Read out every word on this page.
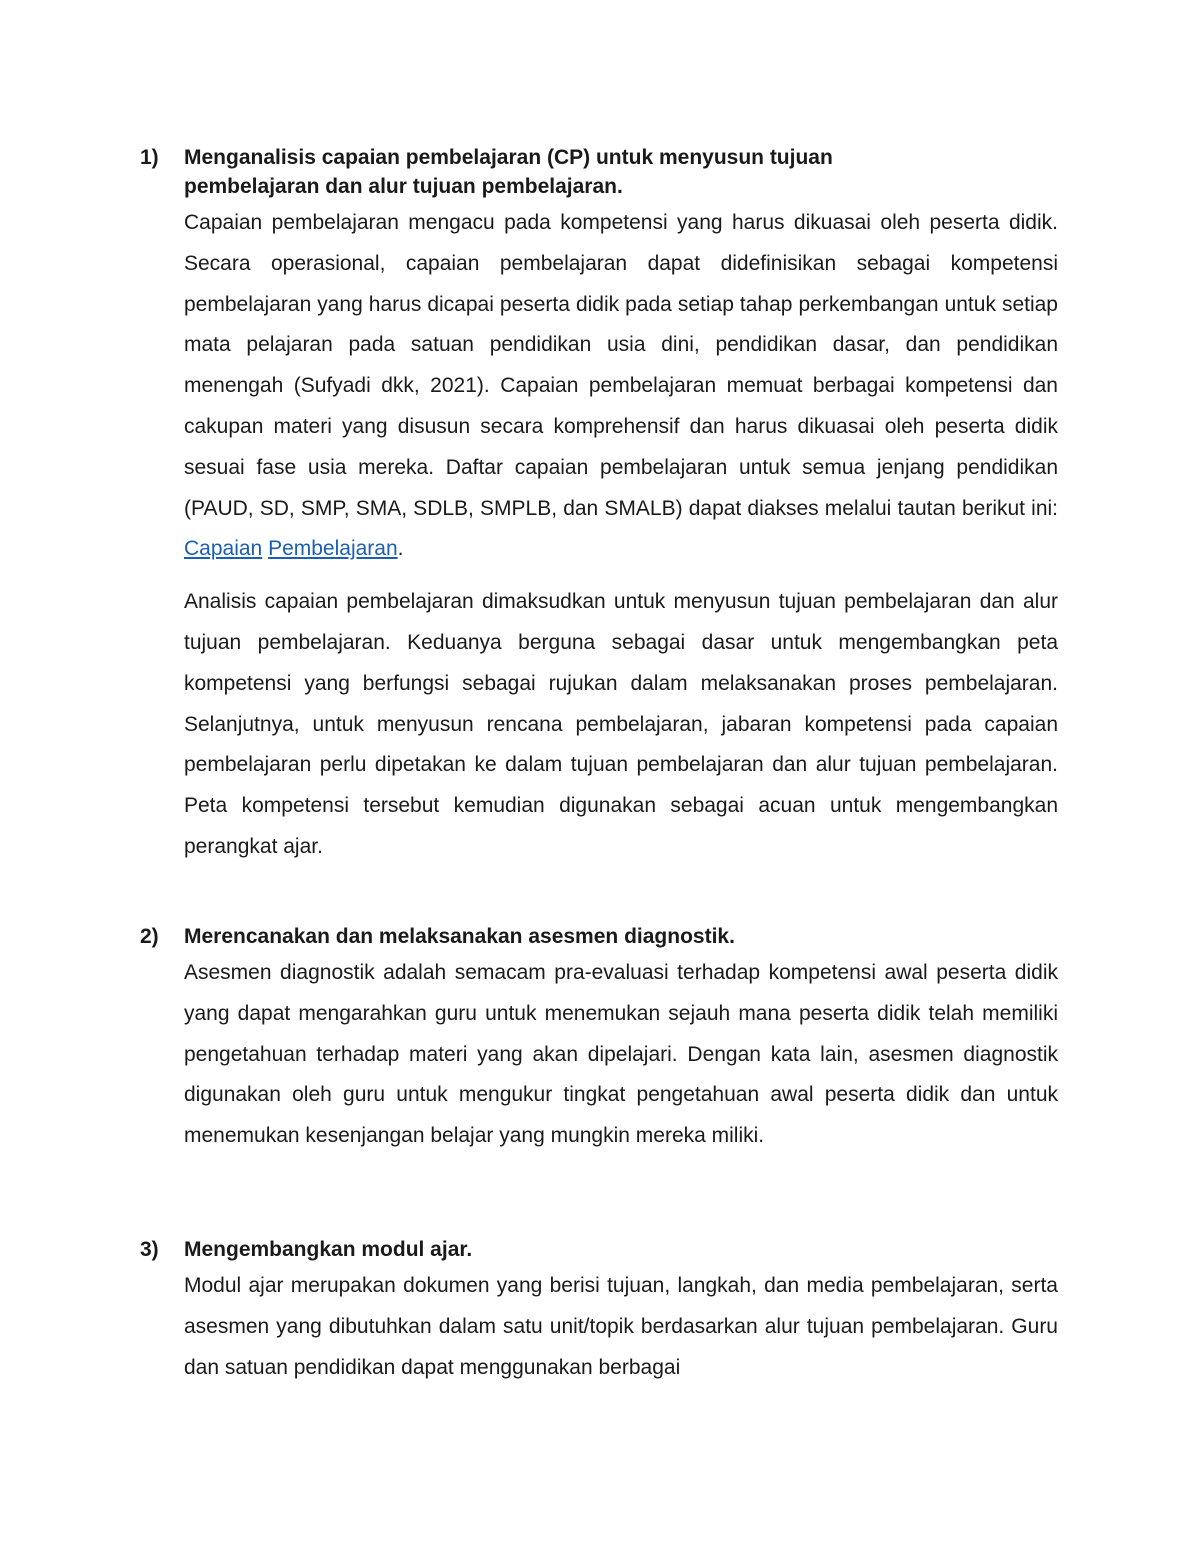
1) Menganalisis capaian pembelajaran (CP) untuk menyusun tujuan
pembelajaran dan alur tujuan pembelajaran.

Capaian pembelajaran mengacu pada kompetensi yang harus dikuasai oleh peserta didik. Secara operasional, capaian pembelajaran dapat didefinisikan sebagai kompetensi pembelajaran yang harus dicapai peserta didik pada setiap tahap perkembangan untuk setiap mata pelajaran pada satuan pendidikan usia dini, pendidikan dasar, dan pendidikan menengah (Sufyadi dkk, 2021). Capaian pembelajaran memuat berbagai kompetensi dan cakupan materi yang disusun secara komprehensif dan harus dikuasai oleh peserta didik sesuai fase usia mereka. Daftar capaian pembelajaran untuk semua jenjang pendidikan (PAUD, SD, SMP, SMA, SDLB, SMPLB, dan SMALB) dapat diakses melalui tautan berikut ini: Capaian Pembelajaran.

Analisis capaian pembelajaran dimaksudkan untuk menyusun tujuan pembelajaran dan alur tujuan pembelajaran. Keduanya berguna sebagai dasar untuk mengembangkan peta kompetensi yang berfungsi sebagai rujukan dalam melaksanakan proses pembelajaran. Selanjutnya, untuk menyusun rencana pembelajaran, jabaran kompetensi pada capaian pembelajaran perlu dipetakan ke dalam tujuan pembelajaran dan alur tujuan pembelajaran. Peta kompetensi tersebut kemudian digunakan sebagai acuan untuk mengembangkan perangkat ajar.

2) Merencanakan dan melaksanakan asesmen diagnostik.

Asesmen diagnostik adalah semacam pra-evaluasi terhadap kompetensi awal peserta didik yang dapat mengarahkan guru untuk menemukan sejauh mana peserta didik telah memiliki pengetahuan terhadap materi yang akan dipelajari. Dengan kata lain, asesmen diagnostik digunakan oleh guru untuk mengukur tingkat pengetahuan awal peserta didik dan untuk menemukan kesenjangan belajar yang mungkin mereka miliki.

3) Mengembangkan modul ajar.

Modul ajar merupakan dokumen yang berisi tujuan, langkah, dan media pembelajaran, serta asesmen yang dibutuhkan dalam satu unit/topik berdasarkan alur tujuan pembelajaran. Guru dan satuan pendidikan dapat menggunakan berbagai
